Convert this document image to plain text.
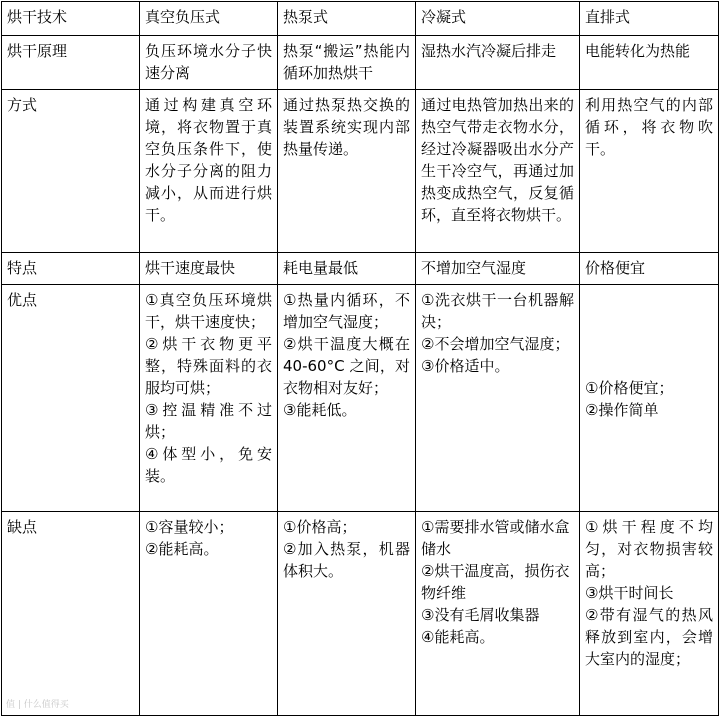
烘干技术	真空负压式	热泵式	冷凝式	直排式
烘干原理	负压环境水分子快速分离	热泵“搬运”热能内循环加热烘干	湿热水汽冷凝后排走	电能转化为热能

方式	通过构建真空环境，将衣物置于真空负压条件下，使水分子分离的阻力减小，从而进行烘干。	通过热泵热交换的装置系统实现内部热量传递。	通过电热管加热出来的热空气带走衣物水分，经过冷凝器吸出水分产生干冷空气，再通过加热变成热空气，反复循环，直至将衣物烘干。	利用热空气的内部循环，将衣物吹干。

特点	烘干速度最快	耗电量最低	不增加空气湿度	价格便宜

优点	①真空负压环境烘干，烘干速度快；
②烘干衣物更平整，特殊面料的衣服均可烘；
③控温精准不过烘；
④体型小，免安装。	①热量内循环，不增加空气湿度；
②烘干温度大概在 40-60°C 之间，对衣物相对友好；
③能耗低。	①洗衣烘干一台机器解决；
②不会增加空气湿度；
③价格适中。	①价格便宜；
②操作简单

缺点	①容量较小；
②能耗高。	①价格高；
②加入热泵，机器体积大。	①需要排水管或储水盒储水
②烘干温度高，损伤衣物纤维
③没有毛屑收集器
④能耗高。	①烘干程度不均匀，对衣物损害较高；
③烘干时间长
②带有湿气的热风释放到室内，会增大室内的湿度；
值 | 什么值得买
